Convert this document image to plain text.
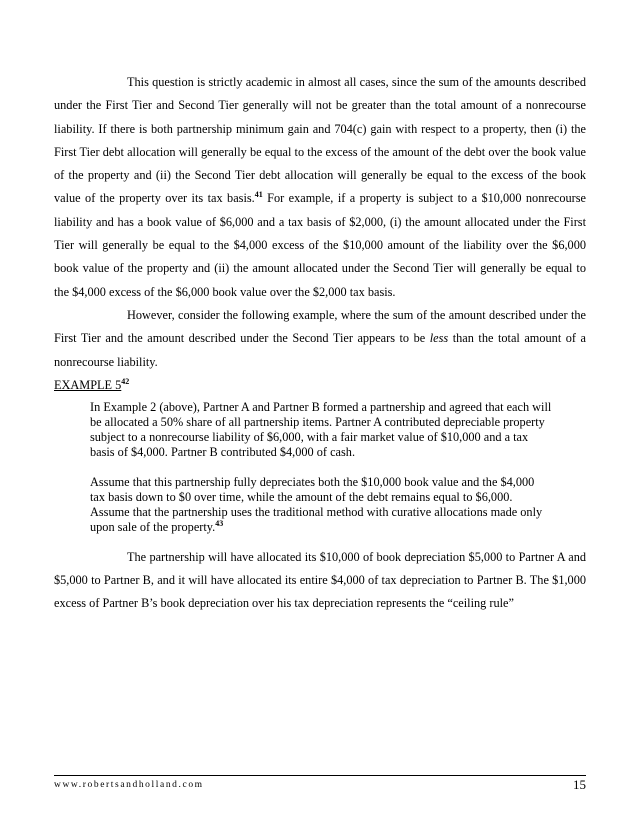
This question is strictly academic in almost all cases, since the sum of the amounts described under the First Tier and Second Tier generally will not be greater than the total amount of a nonrecourse liability. If there is both partnership minimum gain and 704(c) gain with respect to a property, then (i) the First Tier debt allocation will generally be equal to the excess of the amount of the debt over the book value of the property and (ii) the Second Tier debt allocation will generally be equal to the excess of the book value of the property over its tax basis.$^{41}$ For example, if a property is subject to a $10,000 nonrecourse liability and has a book value of $6,000 and a tax basis of $2,000, (i) the amount allocated under the First Tier will generally be equal to the $4,000 excess of the $10,000 amount of the liability over the $6,000 book value of the property and (ii) the amount allocated under the Second Tier will generally be equal to the $4,000 excess of the $6,000 book value over the $2,000 tax basis.

However, consider the following example, where the sum of the amount described under the First Tier and the amount described under the Second Tier appears to be less than the total amount of a nonrecourse liability.

EXAMPLE $5^{42}$

In Example 2 (above), Partner A and Partner B formed a partnership and agreed that each will be allocated a 50% share of all partnership items. Partner A contributed depreciable property subject to a nonrecourse liability of $6,000, with a fair market value of $10,000 and a tax basis of $4,000. Partner B contributed $4,000 of cash.

Assume that this partnership fully depreciates both the $10,000 book value and the $4,000 tax basis down to $0 over time, while the amount of the debt remains equal to $6,000. Assume that the partnership uses the traditional method with curative allocations made only upon sale of the property.$^{43}$

The partnership will have allocated its $10,000 of book depreciation $5,000 to Partner A and $5,000 to Partner B, and it will have allocated its entire $4,000 of tax depreciation to Partner B. The $1,000 excess of Partner B’s book depreciation over his tax depreciation represents the “ceiling rule”

www.robertsandholland.com	15
